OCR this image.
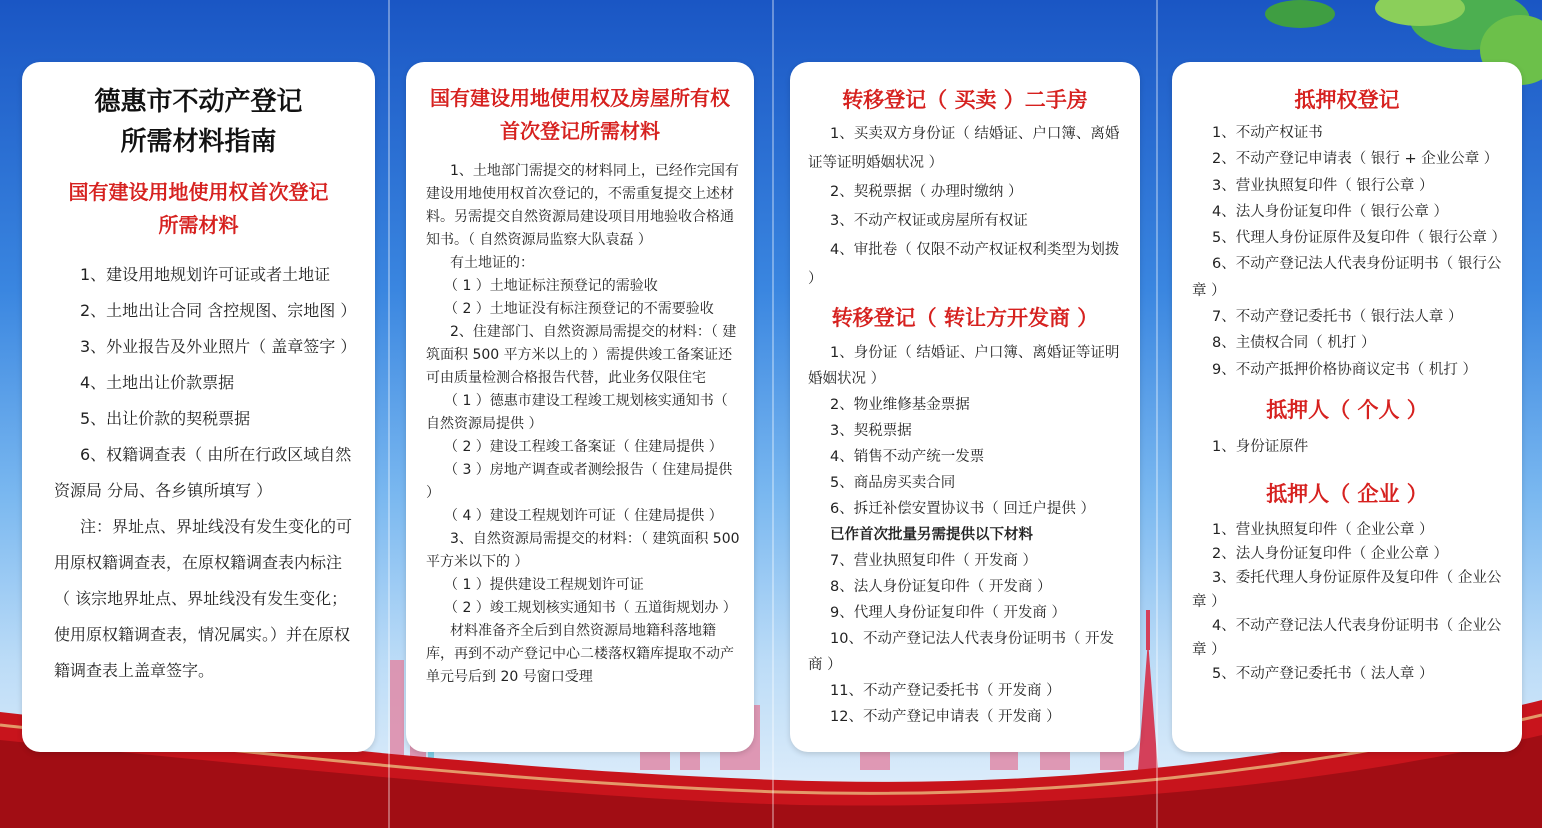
德惠市不动产登记
所需材料指南
国有建设用地使用权首次登记
所需材料
1、建设用地规划许可证或者土地证
2、土地出让合同 含控规图、宗地图 ）
3、外业报告及外业照片（ 盖章签字 ）
4、土地出让价款票据
5、出让价款的契税票据
6、权籍调查表（ 由所在行政区域自然资源局 分局、各乡镇所填写 ）
注：界址点、界址线没有发生变化的可用原权籍调查表，在原权籍调查表内标注（ 该宗地界址点、界址线没有发生变化；使用原权籍调查表，情况属实。）并在原权籍调查表上盖章签字。
国有建设用地使用权及房屋所有权
首次登记所需材料
1、土地部门需提交的材料同上，已经作完国有建设用地使用权首次登记的，不需重复提交上述材料。另需提交自然资源局建设项目用地验收合格通知书。（ 自然资源局监察大队袁磊 ）
有土地证的：
（ 1 ）土地证标注预登记的需验收
（ 2 ）土地证没有标注预登记的不需要验收
2、住建部门、自然资源局需提交的材料：（ 建筑面积 500 平方米以上的 ）需提供竣工备案证还可由质量检测合格报告代替，此业务仅限住宅
（ 1 ）德惠市建设工程竣工规划核实通知书（ 自然资源局提供 ）
（ 2 ）建设工程竣工备案证（ 住建局提供 ）
（ 3 ）房地产调查或者测绘报告（ 住建局提供 ）
（ 4 ）建设工程规划许可证（ 住建局提供 ）
3、自然资源局需提交的材料：（ 建筑面积 500 平方米以下的 ）
（ 1 ）提供建设工程规划许可证
（ 2 ）竣工规划核实通知书（ 五道街规划办 ）
材料准备齐全后到自然资源局地籍科落地籍库，再到不动产登记中心二楼落权籍库提取不动产单元号后到 20 号窗口受理
转移登记（ 买卖 ）二手房
1、买卖双方身份证（ 结婚证、户口簿、离婚证等证明婚姻状况 ）
2、契税票据（ 办理时缴纳 ）
3、不动产权证或房屋所有权证
4、审批卷（ 仅限不动产权证权利类型为划拨 ）
转移登记（ 转让方开发商 ）
1、身份证（ 结婚证、户口簿、离婚证等证明婚姻状况 ）
2、物业维修基金票据
3、契税票据
4、销售不动产统一发票
5、商品房买卖合同
6、拆迁补偿安置协议书（ 回迁户提供 ）
已作首次批量另需提供以下材料
7、营业执照复印件（ 开发商 ）
8、法人身份证复印件（ 开发商 ）
9、代理人身份证复印件（ 开发商 ）
10、不动产登记法人代表身份证明书（ 开发商 ）
11、不动产登记委托书（ 开发商 ）
12、不动产登记申请表（ 开发商 ）
抵押权登记
1、不动产权证书
2、不动产登记申请表（ 银行 + 企业公章 ）
3、营业执照复印件（ 银行公章 ）
4、法人身份证复印件（ 银行公章 ）
5、代理人身份证原件及复印件（ 银行公章 ）
6、不动产登记法人代表身份证明书（ 银行公章 ）
7、不动产登记委托书（ 银行法人章 ）
8、主债权合同（ 机打 ）
9、不动产抵押价格协商议定书（ 机打 ）
抵押人（ 个人 ）
1、身份证原件
抵押人（ 企业 ）
1、营业执照复印件（ 企业公章 ）
2、法人身份证复印件（ 企业公章 ）
3、委托代理人身份证原件及复印件（ 企业公章 ）
4、不动产登记法人代表身份证明书（ 企业公章 ）
5、不动产登记委托书（ 法人章 ）
